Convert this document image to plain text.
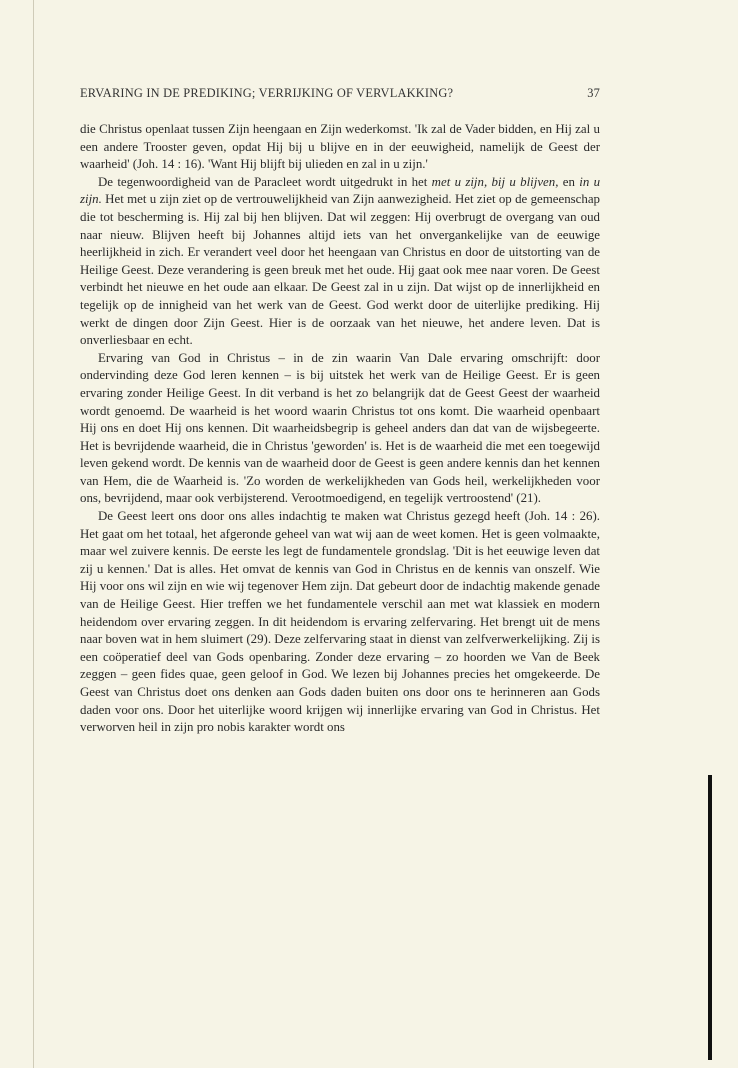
ERVARING IN DE PREDIKING; VERRIJKING OF VERVLAKKING?	37

die Christus openlaat tussen Zijn heengaan en Zijn wederkomst. 'Ik zal de Vader bidden, en Hij zal u een andere Trooster geven, opdat Hij bij u blijve en in der eeuwigheid, namelijk de Geest der waarheid' (Joh. 14 : 16). 'Want Hij blijft bij ulieden en zal in u zijn.'

De tegenwoordigheid van de Paracleet wordt uitgedrukt in het met u zijn, bij u blijven, en in u zijn. Het met u zijn ziet op de vertrouwelijkheid van Zijn aanwezigheid. Het ziet op de gemeenschap die tot bescherming is. Hij zal bij hen blijven. Dat wil zeggen: Hij overbrugt de overgang van oud naar nieuw. Blijven heeft bij Johannes altijd iets van het onvergankelijke van de eeuwige heerlijkheid in zich. Er verandert veel door het heengaan van Christus en door de uitstorting van de Heilige Geest. Deze verandering is geen breuk met het oude. Hij gaat ook mee naar voren. De Geest verbindt het nieuwe en het oude aan elkaar. De Geest zal in u zijn. Dat wijst op de innerlijkheid en tegelijk op de innigheid van het werk van de Geest. God werkt door de uiterlijke prediking. Hij werkt de dingen door Zijn Geest. Hier is de oorzaak van het nieuwe, het andere leven. Dat is onverliesbaar en echt.

Ervaring van God in Christus – in de zin waarin Van Dale ervaring omschrijft: door ondervinding deze God leren kennen – is bij uitstek het werk van de Heilige Geest. Er is geen ervaring zonder Heilige Geest. In dit verband is het zo belangrijk dat de Geest Geest der waarheid wordt genoemd. De waarheid is het woord waarin Christus tot ons komt. Die waarheid openbaart Hij ons en doet Hij ons kennen. Dit waarheidsbegrip is geheel anders dan dat van de wijsbegeerte. Het is bevrijdende waarheid, die in Christus 'geworden' is. Het is de waarheid die met een toegewijd leven gekend wordt. De kennis van de waarheid door de Geest is geen andere kennis dan het kennen van Hem, die de Waarheid is. 'Zo worden de werkelijkheden van Gods heil, werkelijkheden voor ons, bevrijdend, maar ook verbijsterend. Verootmoedigend, en tegelijk vertroostend' (21).

De Geest leert ons door ons alles indachtig te maken wat Christus gezegd heeft (Joh. 14 : 26). Het gaat om het totaal, het afgeronde geheel van wat wij aan de weet komen. Het is geen volmaakte, maar wel zuivere kennis. De eerste les legt de fundamentele grondslag. 'Dit is het eeuwige leven dat zij u kennen.' Dat is alles. Het omvat de kennis van God in Christus en de kennis van onszelf. Wie Hij voor ons wil zijn en wie wij tegenover Hem zijn. Dat gebeurt door de indachtig makende genade van de Heilige Geest. Hier treffen we het fundamentele verschil aan met wat klassiek en modern heidendom over ervaring zeggen. In dit heidendom is ervaring zelfervaring. Het brengt uit de mens naar boven wat in hem sluimert (29). Deze zelfervaring staat in dienst van zelfverwerkelijking. Zij is een coöperatief deel van Gods openbaring. Zonder deze ervaring – zo hoorden we Van de Beek zeggen – geen fides quae, geen geloof in God. We lezen bij Johannes precies het omgekeerde. De Geest van Christus doet ons denken aan Gods daden buiten ons door ons te herinneren aan Gods daden voor ons. Door het uiterlijke woord krijgen wij innerlijke ervaring van God in Christus. Het verworven heil in zijn pro nobis karakter wordt ons
